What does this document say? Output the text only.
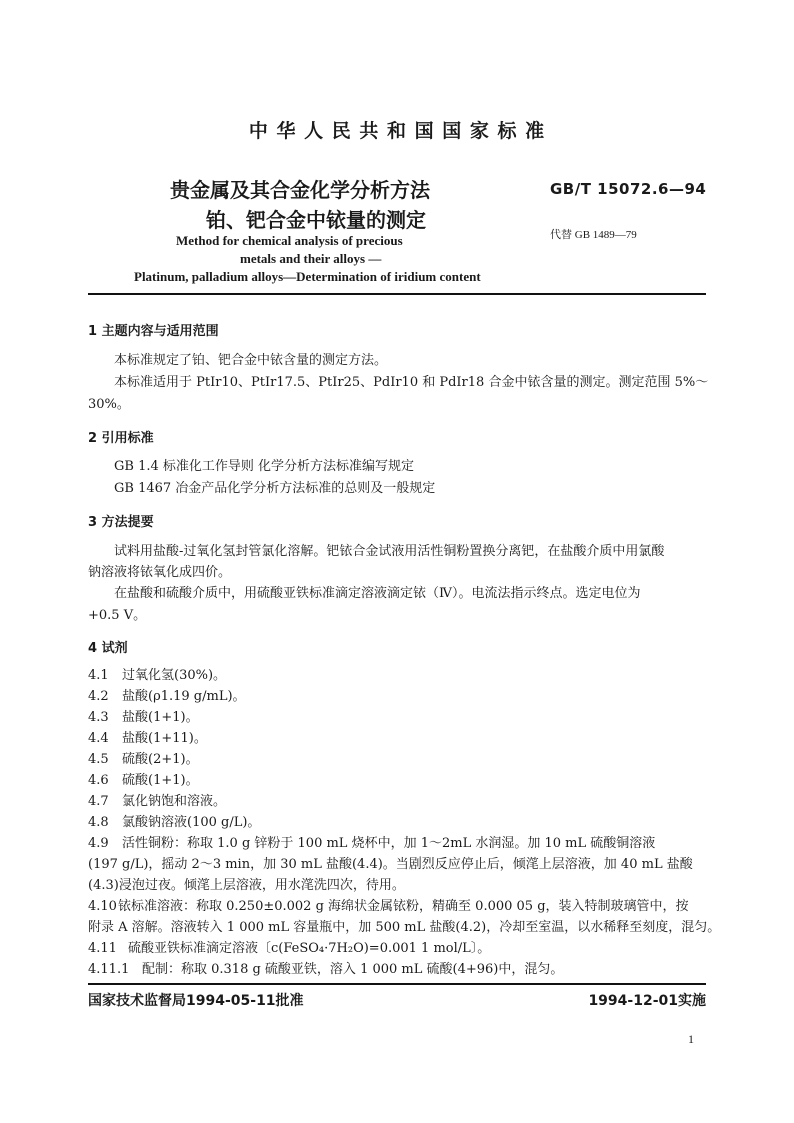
中 华 人 民 共 和 国 国 家 标 准
贵金属及其合金化学分析方法
铂、钯合金中铱量的测定
Method for chemical analysis of precious
metals and their alloys —
Platinum, palladium alloys—Determination of iridium content
GB/T 15072.6—94
代替 GB 1489—79
1 主题内容与适用范围
本标准规定了铂、钯合金中铱含量的测定方法。
本标准适用于 PtIr10、PtIr17.5、PtIr25、PdIr10 和 PdIr18 合金中铱含量的测定。测定范围 5%～
30%。
2 引用标准
GB 1.4 标准化工作导则 化学分析方法标准编写规定
GB 1467 冶金产品化学分析方法标准的总则及一般规定
3 方法提要
试料用盐酸-过氧化氢封管氯化溶解。钯铱合金试液用活性铜粉置换分离钯，在盐酸介质中用氯酸
钠溶液将铱氧化成四价。
在盐酸和硫酸介质中，用硫酸亚铁标准滴定溶液滴定铱（Ⅳ）。电流法指示终点。选定电位为
+0.5 V。
4 试剂
4.1 过氧化氢(30%)。
4.2 盐酸(ρ1.19 g/mL)。
4.3 盐酸(1+1)。
4.4 盐酸(1+11)。
4.5 硫酸(2+1)。
4.6 硫酸(1+1)。
4.7 氯化钠饱和溶液。
4.8 氯酸钠溶液(100 g/L)。
4.9 活性铜粉：称取 1.0 g 锌粉于 100 mL 烧杯中，加 1～2mL 水润湿。加 10 mL 硫酸铜溶液
(197 g/L)，摇动 2～3 min，加 30 mL 盐酸(4.4)。当剧烈反应停止后，倾滗上层溶液，加 40 mL 盐酸
(4.3)浸泡过夜。倾滗上层溶液，用水滗洗四次，待用。
4.10铱标准溶液：称取 0.250±0.002 g 海绵状金属铱粉，精确至 0.000 05 g，装入特制玻璃管中，按
附录 A 溶解。溶液转入 1 000 mL 容量瓶中，加 500 mL 盐酸(4.2)，冷却至室温，以水稀释至刻度，混匀。
4.11 硫酸亚铁标准滴定溶液〔c(FeSO₄·7H₂O)=0.001 1 mol/L〕。
4.11.1 配制：称取 0.318 g 硫酸亚铁，溶入 1 000 mL 硫酸(4+96)中，混匀。
国家技术监督局1994-05-11批准	1994-12-01实施
1
